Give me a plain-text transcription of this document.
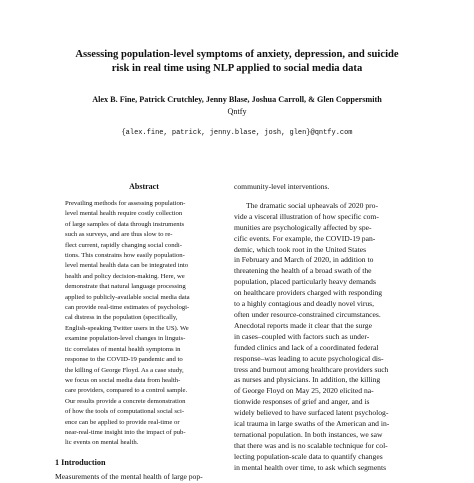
Assessing population-level symptoms of anxiety, depression, and suicide
risk in real time using NLP applied to social media data
Alex B. Fine, Patrick Crutchley, Jenny Blase, Joshua Carroll, & Glen Coppersmith
Qntfy
{alex.fine, patrick, jenny.blase, josh, glen}@qntfy.com
Abstract
Prevailing methods for assessing population-
level mental health require costly collection
of large samples of data through instruments
such as surveys, and are thus slow to re-
flect current, rapidly changing social condi-
tions. This constrains how easily population-
level mental health data can be integrated into
health and policy decision-making. Here, we
demonstrate that natural language processing
applied to publicly-available social media data
can provide real-time estimates of psychologi-
cal distress in the population (specifically,
English-speaking Twitter users in the US). We
examine population-level changes in linguis-
tic correlates of mental health symptoms in
response to the COVID-19 pandemic and to
the killing of George Floyd. As a case study,
we focus on social media data from health-
care providers, compared to a control sample.
Our results provide a concrete demonstration
of how the tools of computational social sci-
ence can be applied to provide real-time or
near-real-time insight into the impact of pub-
lic events on mental health.
1 Introduction
Measurements of the mental health of large pop-
community-level interventions.
The dramatic social upheavals of 2020 pro-
vide a visceral illustration of how specific com-
munities are psychologically affected by spe-
cific events. For example, the COVID-19 pan-
demic, which took root in the United States
in February and March of 2020, in addition to
threatening the health of a broad swath of the
population, placed particularly heavy demands
on healthcare providers charged with responding
to a highly contagious and deadly novel virus,
often under resource-constrained circumstances.
Anecdotal reports made it clear that the surge
in cases–coupled with factors such as under-
funded clinics and lack of a coordinated federal
response–was leading to acute psychological dis-
tress and burnout among healthcare providers such
as nurses and physicians. In addition, the killing
of George Floyd on May 25, 2020 elicited na-
tionwide responses of grief and anger, and is
widely believed to have surfaced latent psycholog-
ical trauma in large swaths of the American and in-
ternational population. In both instances, we saw
that there was and is no scalable technique for col-
lecting population-scale data to quantify changes
in mental health over time, to ask which segments
